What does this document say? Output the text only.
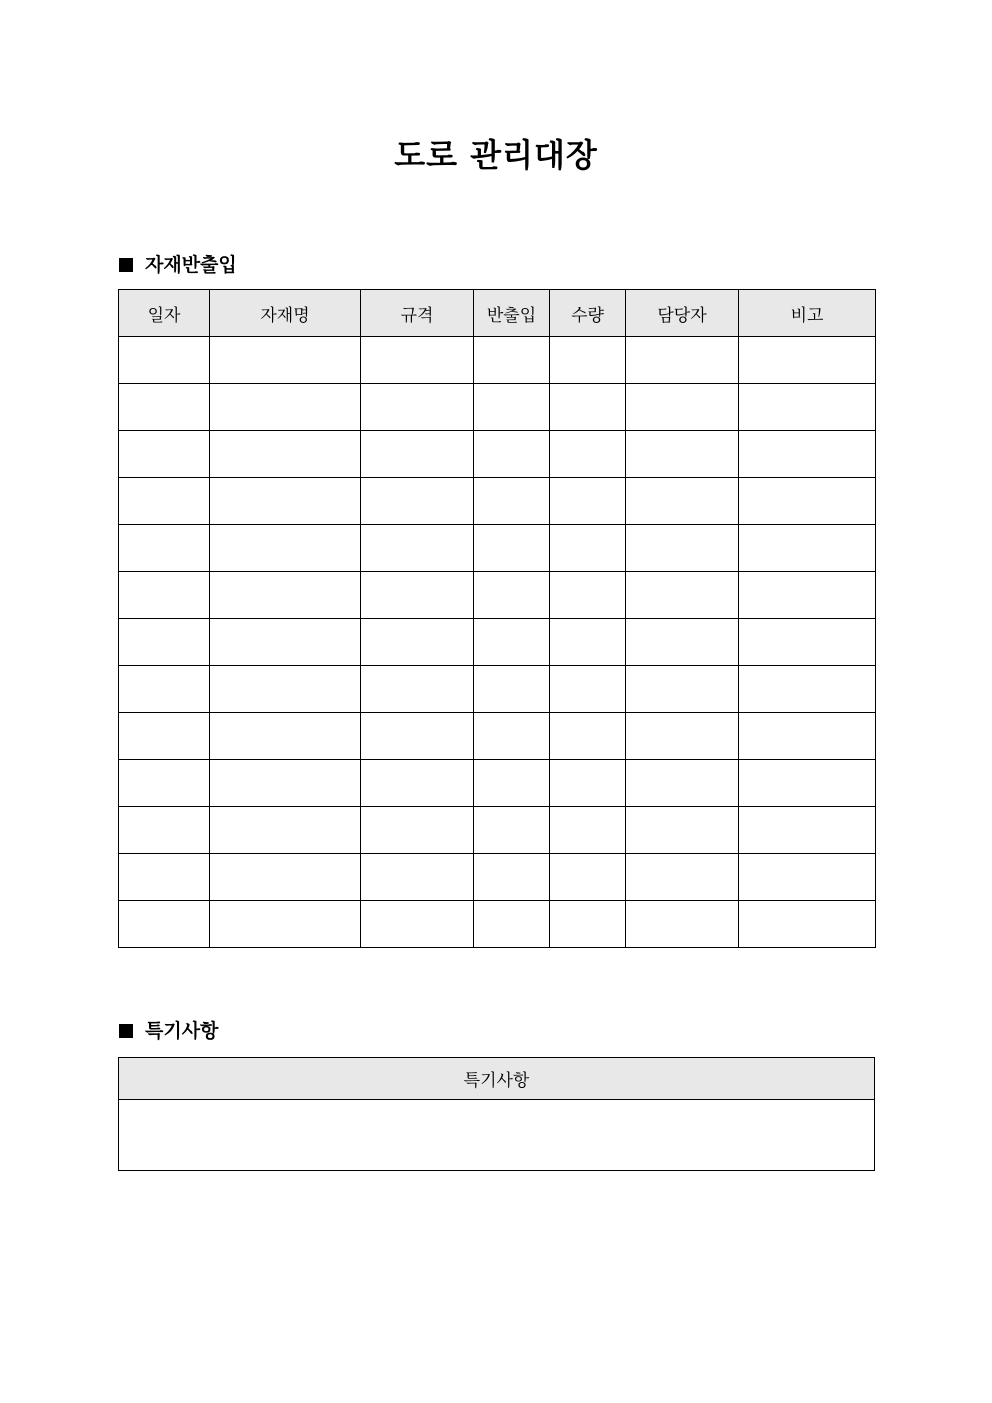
도로 관리대장
자재반출입
일자	자재명	규격	반출입	수량	담당자	비고

특기사항
특기사항
